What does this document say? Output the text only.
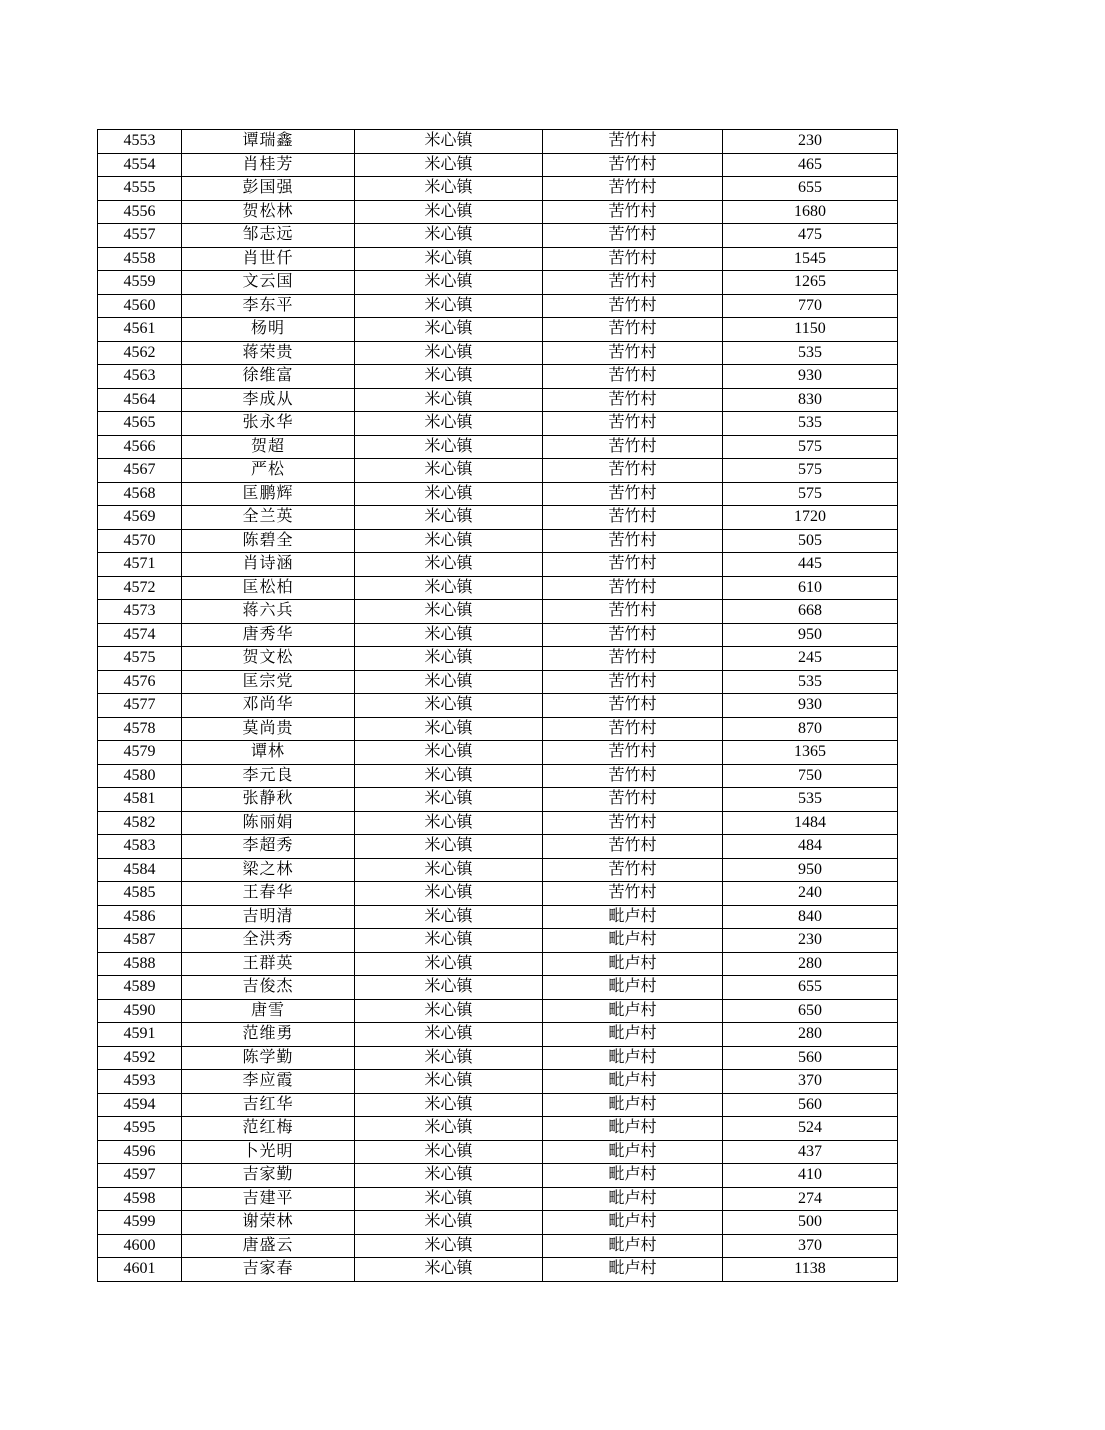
4553	谭瑞鑫	米心镇	苦竹村	230
4554	肖桂芳	米心镇	苦竹村	465
4555	彭国强	米心镇	苦竹村	655
4556	贺松林	米心镇	苦竹村	1680
4557	邹志远	米心镇	苦竹村	475
4558	肖世仟	米心镇	苦竹村	1545
4559	文云国	米心镇	苦竹村	1265
4560	李东平	米心镇	苦竹村	770
4561	杨明	米心镇	苦竹村	1150
4562	蒋荣贵	米心镇	苦竹村	535
4563	徐维富	米心镇	苦竹村	930
4564	李成从	米心镇	苦竹村	830
4565	张永华	米心镇	苦竹村	535
4566	贺超	米心镇	苦竹村	575
4567	严松	米心镇	苦竹村	575
4568	匡鹏辉	米心镇	苦竹村	575
4569	全兰英	米心镇	苦竹村	1720
4570	陈碧全	米心镇	苦竹村	505
4571	肖诗涵	米心镇	苦竹村	445
4572	匡松柏	米心镇	苦竹村	610
4573	蒋六兵	米心镇	苦竹村	668
4574	唐秀华	米心镇	苦竹村	950
4575	贺文松	米心镇	苦竹村	245
4576	匡宗党	米心镇	苦竹村	535
4577	邓尚华	米心镇	苦竹村	930
4578	莫尚贵	米心镇	苦竹村	870
4579	谭林	米心镇	苦竹村	1365
4580	李元良	米心镇	苦竹村	750
4581	张静秋	米心镇	苦竹村	535
4582	陈丽娟	米心镇	苦竹村	1484
4583	李超秀	米心镇	苦竹村	484
4584	梁之林	米心镇	苦竹村	950
4585	王春华	米心镇	苦竹村	240
4586	吉明清	米心镇	毗卢村	840
4587	全洪秀	米心镇	毗卢村	230
4588	王群英	米心镇	毗卢村	280
4589	吉俊杰	米心镇	毗卢村	655
4590	唐雪	米心镇	毗卢村	650
4591	范维勇	米心镇	毗卢村	280
4592	陈学勤	米心镇	毗卢村	560
4593	李应霞	米心镇	毗卢村	370
4594	吉红华	米心镇	毗卢村	560
4595	范红梅	米心镇	毗卢村	524
4596	卜光明	米心镇	毗卢村	437
4597	吉家勤	米心镇	毗卢村	410
4598	吉建平	米心镇	毗卢村	274
4599	谢荣林	米心镇	毗卢村	500
4600	唐盛云	米心镇	毗卢村	370
4601	吉家春	米心镇	毗卢村	1138
